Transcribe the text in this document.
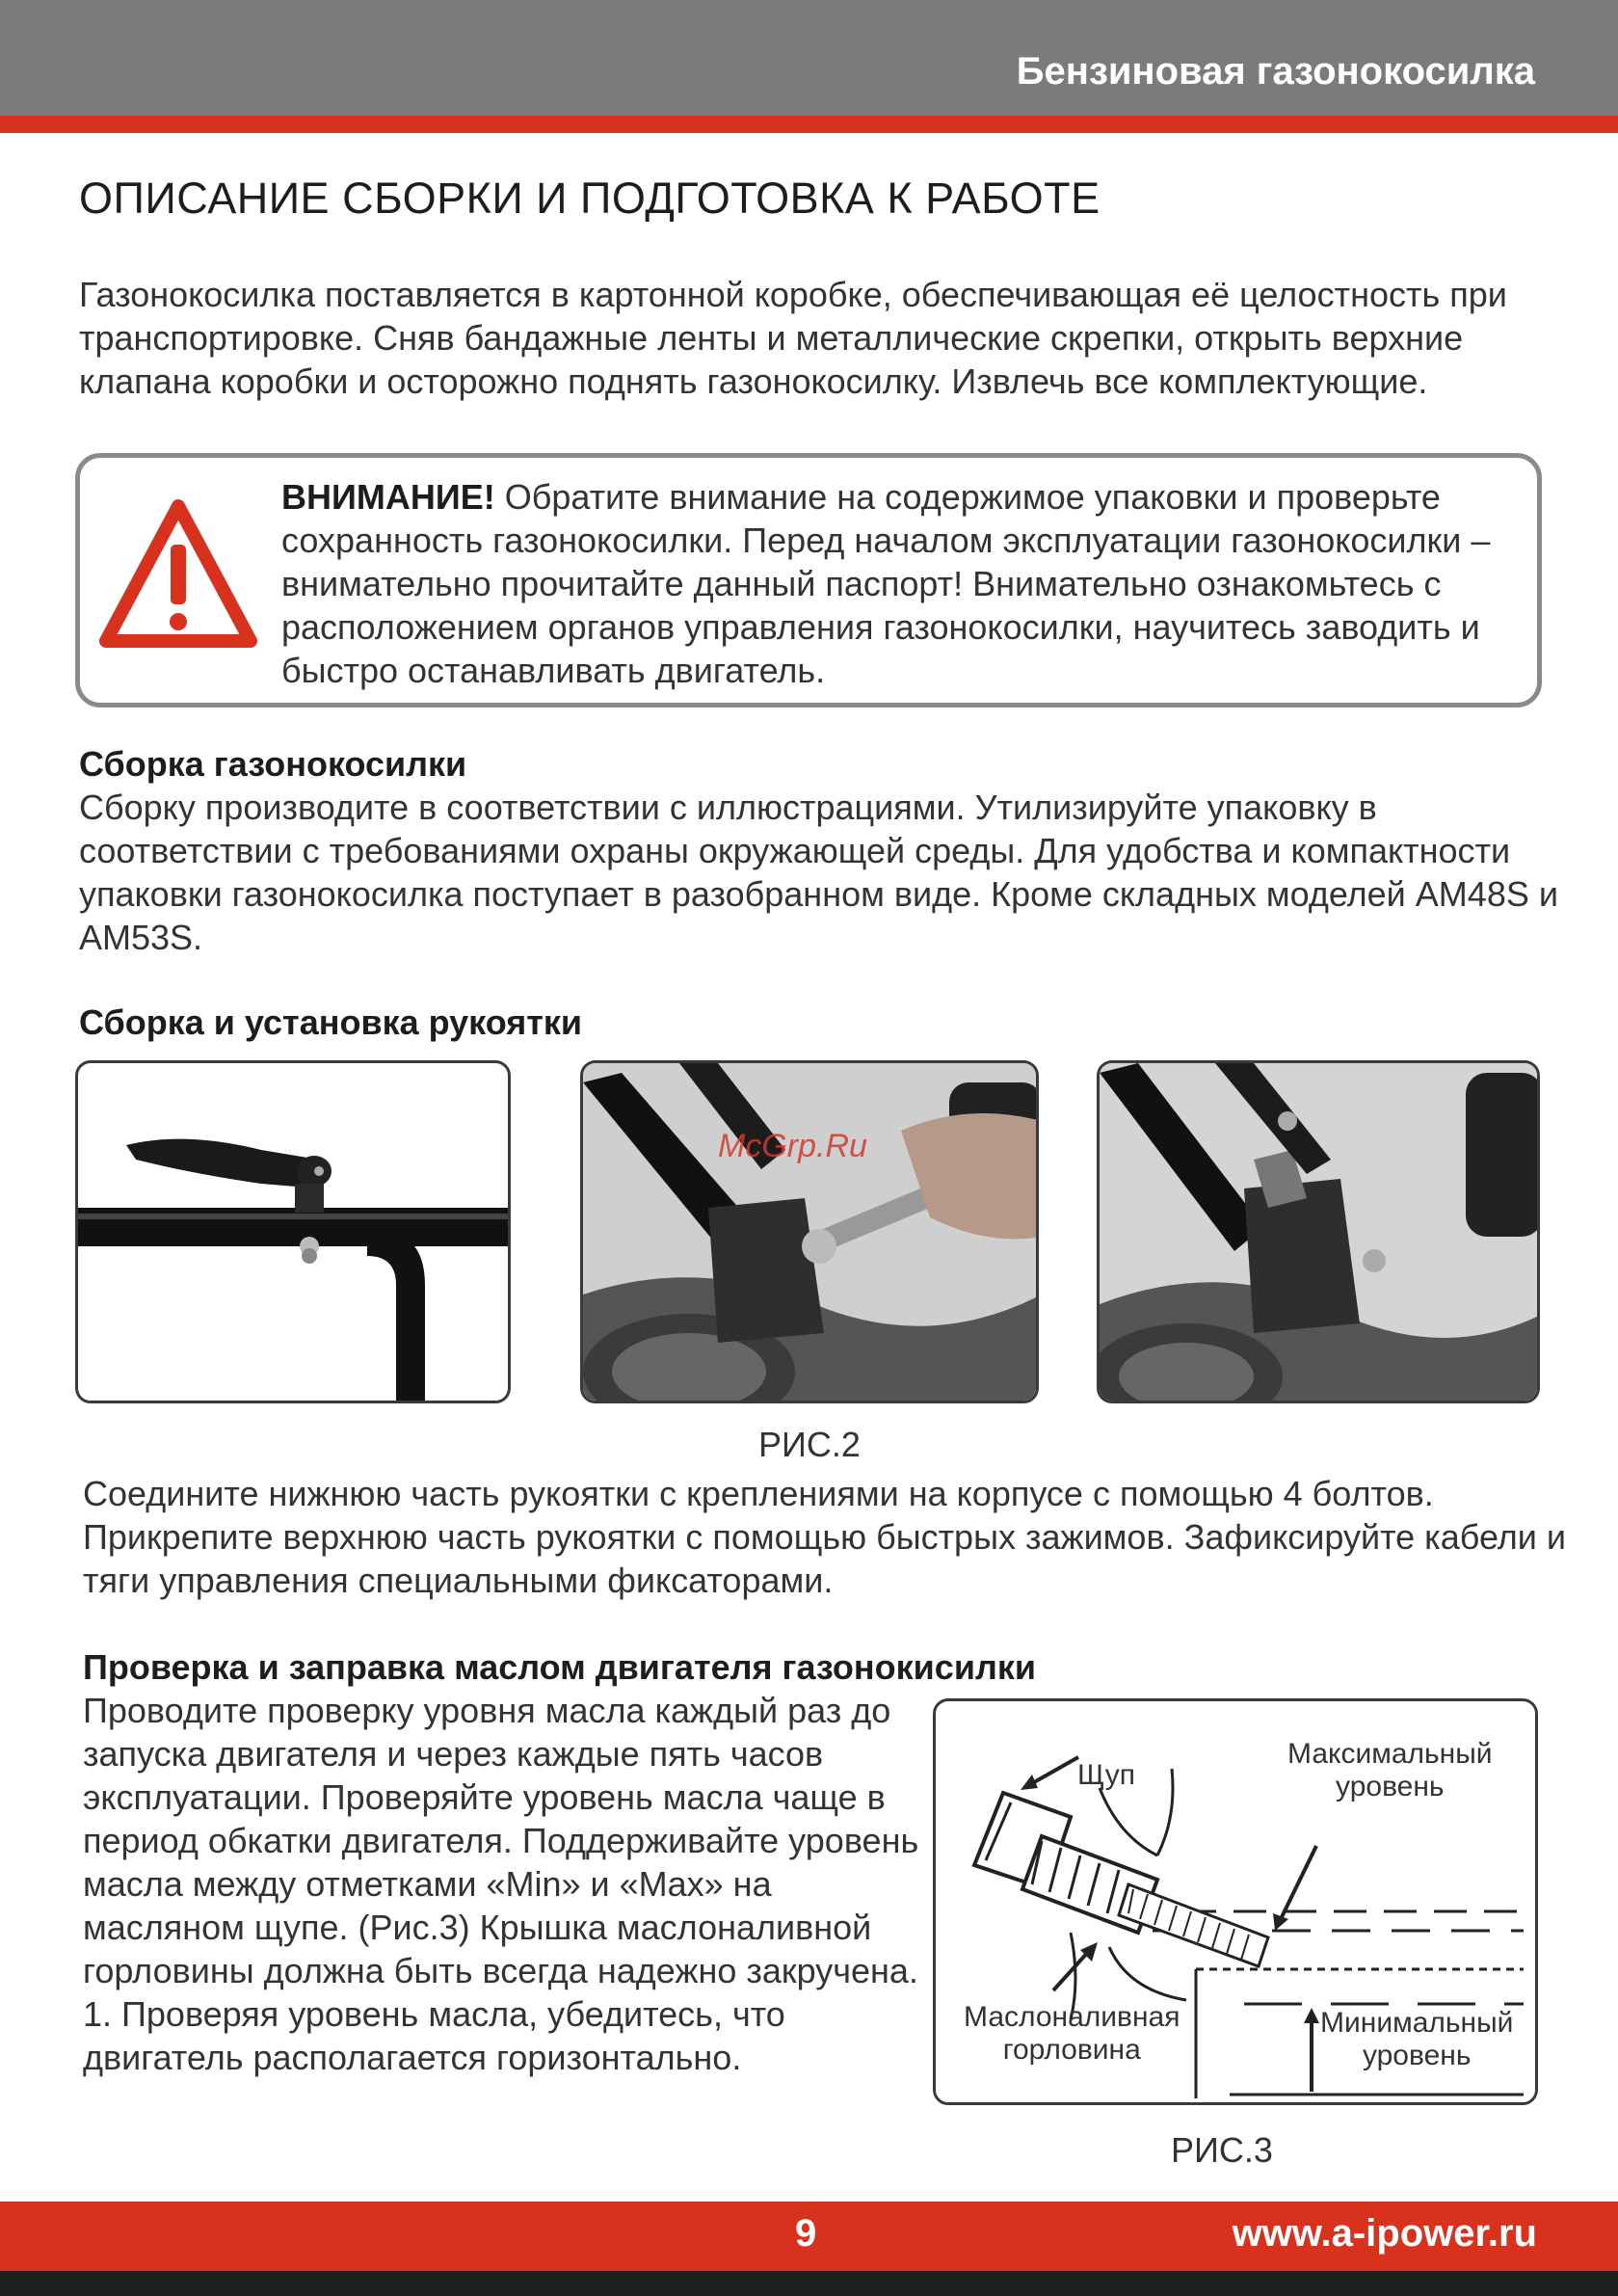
Бензиновая газонокосилка
ОПИСАНИЕ СБОРКИ И ПОДГОТОВКА К РАБОТЕ
Газонокосилка поставляется в картонной коробке, обеспечивающая её целостность при транспортировке. Сняв бандажные ленты и металлические скрепки, открыть верхние клапана коробки и осторожно поднять газонокосилку. Извлечь все комплектующие.
ВНИМАНИЕ! Обратите внимание на содержимое упаковки и проверьте сохранность газонокосилки. Перед началом эксплуатации газонокосилки – внимательно прочитайте данный паспорт! Внимательно ознакомьтесь с расположением органов управления газонокосилки, научитесь заводить и быстро останавливать двигатель.
Сборка газонокосилки
Сборку производите в соответствии с иллюстрациями. Утилизируйте упаковку в соответствии с требованиями охраны окружающей среды. Для удобства и компактности упаковки газонокосилка поступает в разобранном виде. Кроме складных моделей AM48S и AM53S.
Сборка и установка рукоятки
McGrp.Ru
РИС.2
Соедините нижнюю часть рукоятки с креплениями на корпусе с помощью 4 болтов. Прикрепите верхнюю часть рукоятки с помощью быстрых зажимов. Зафиксируйте кабели и тяги управления специальными фиксаторами.
Проверка и заправка маслом двигателя газонокисилки
Проводите проверку уровня масла каждый раз до запуска двигателя и через каждые пять часов эксплуатации. Проверяйте уровень масла чаще в период обкатки двигателя. Поддерживайте уровень масла между отметками «Min» и «Max» на масляном щупе. (Рис.3) Крышка маслоналивной горловины должна быть всегда надежно закручена. 1. Проверяя уровень масла, убедитесь, что двигатель располагается горизонтально.
Щуп
Максимальный
уровень
Маслоналивная
горловина
Минимальный
уровень
РИС.3
9	www.a-ipower.ru
